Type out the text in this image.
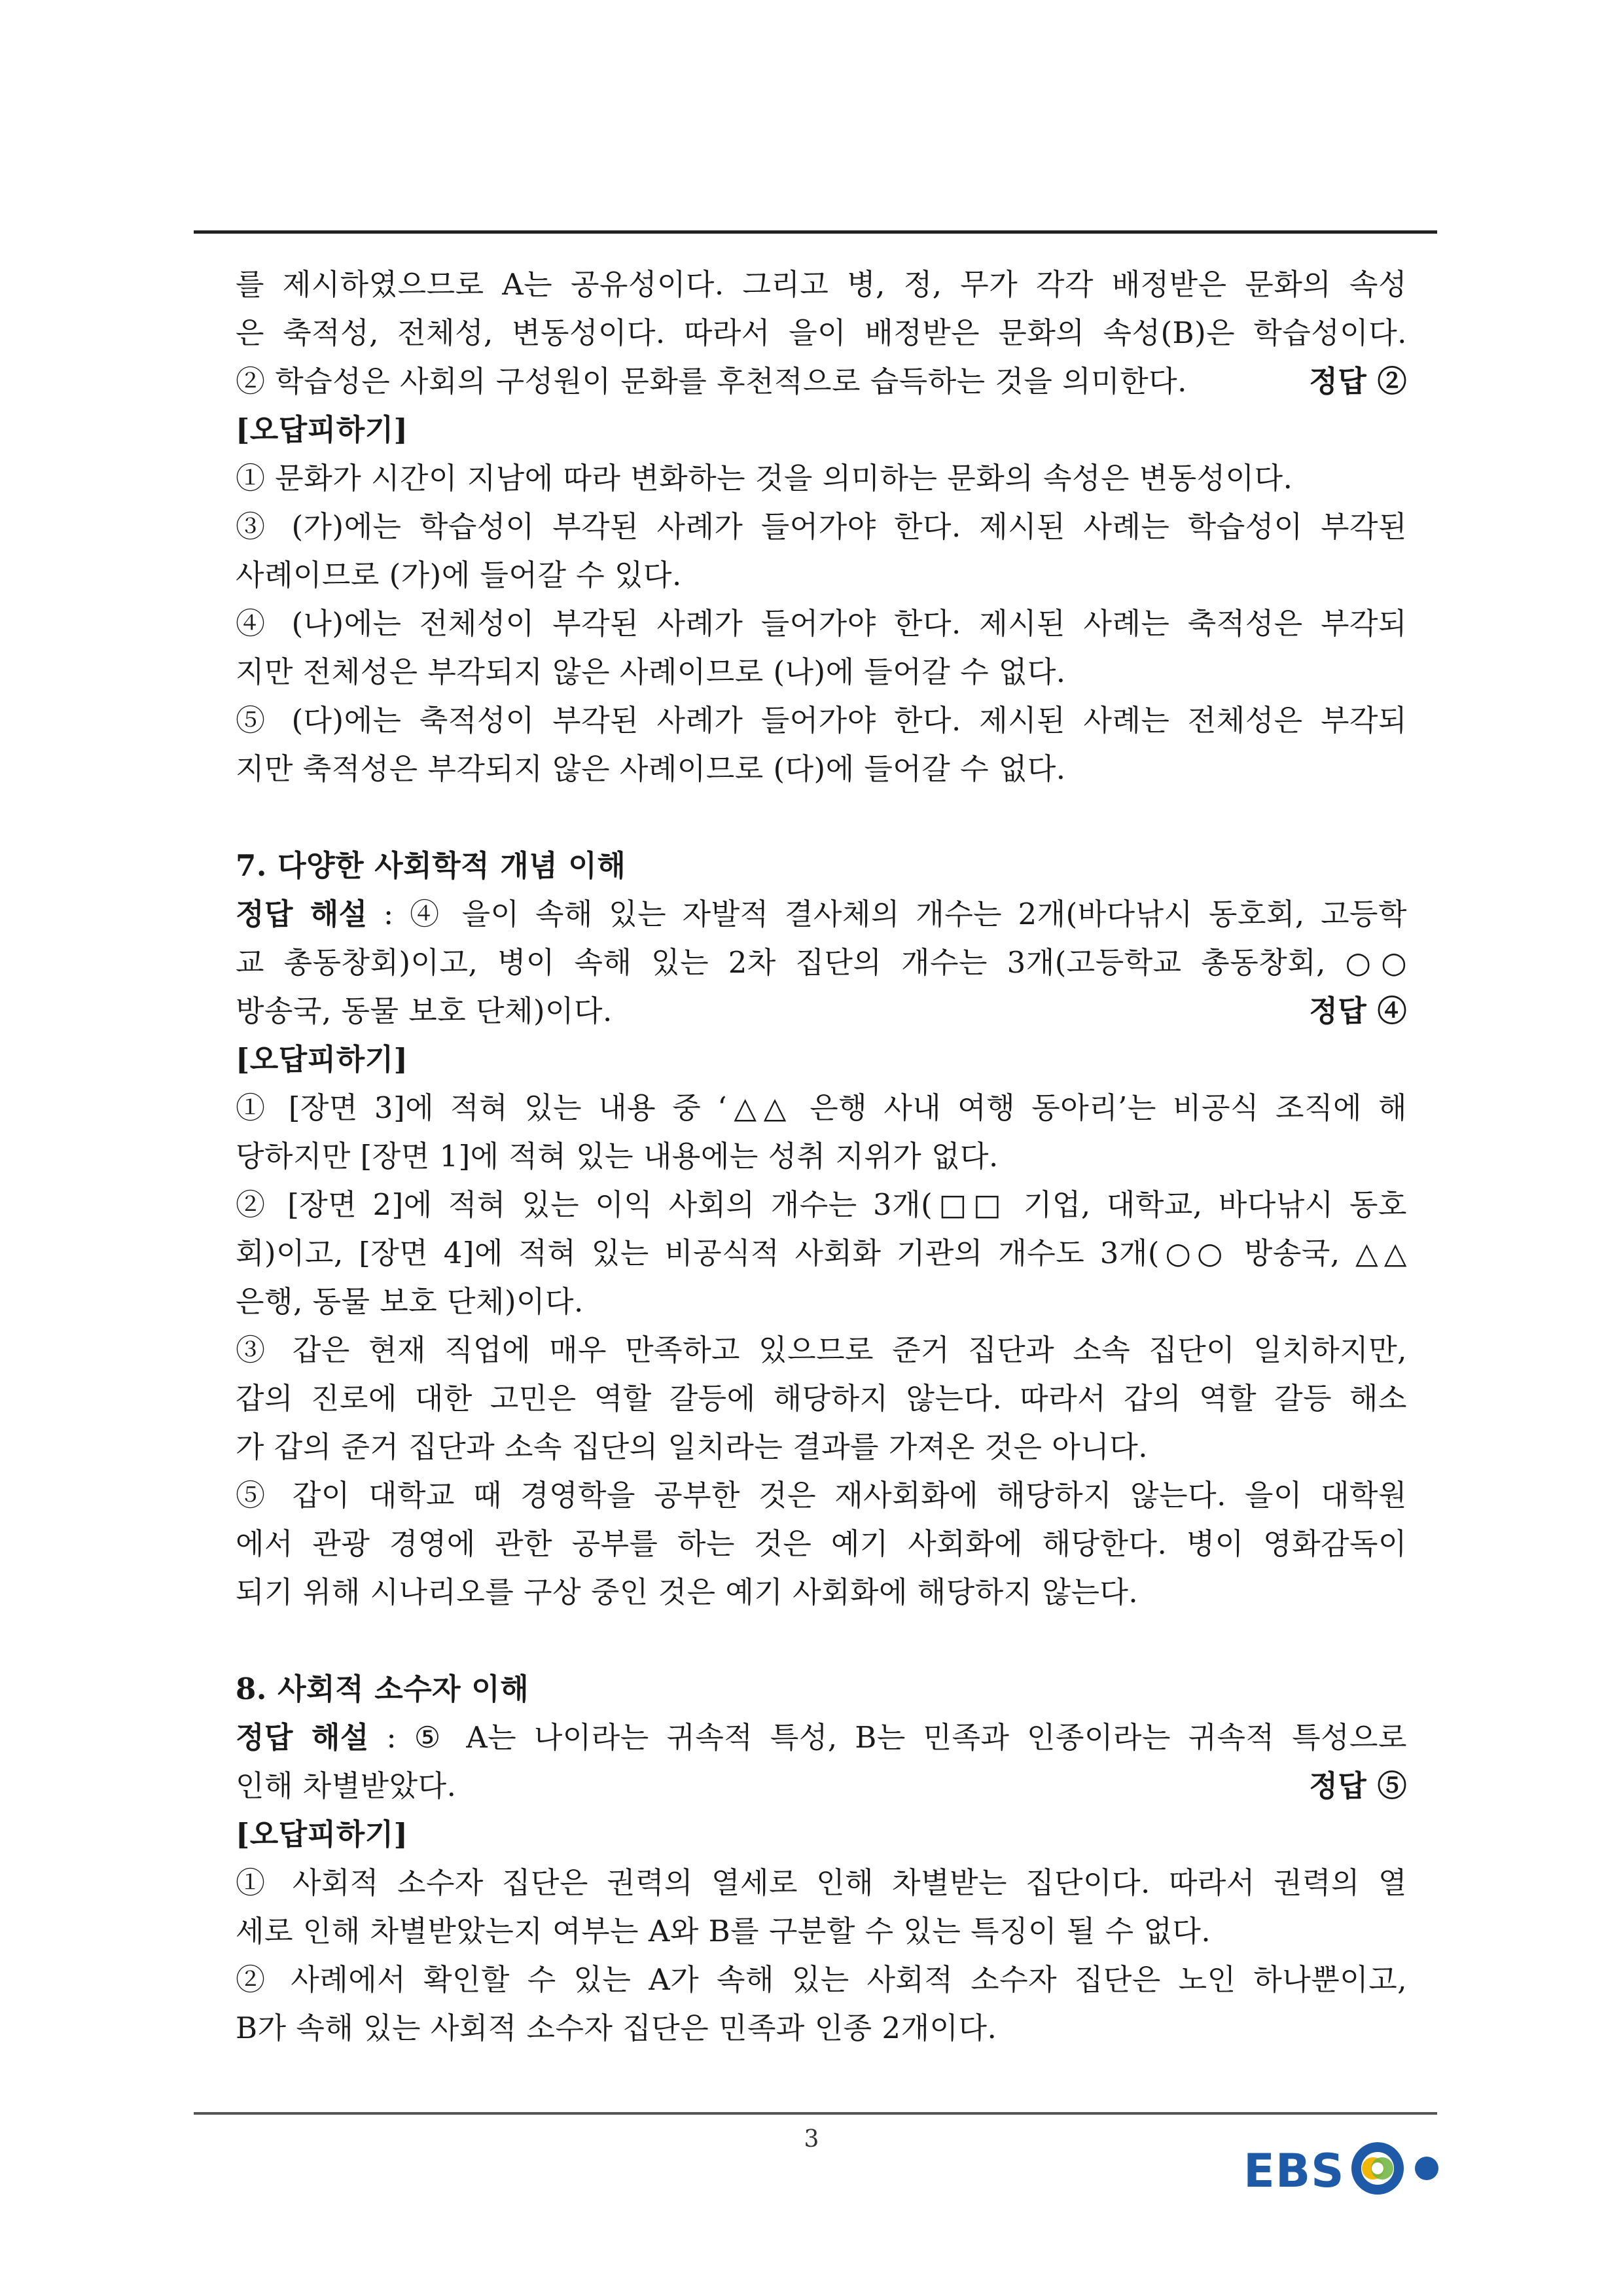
를 제시하였으므로 A는 공유성이다. 그리고 병, 정, 무가 각각 배정받은 문화의 속성
은 축적성, 전체성, 변동성이다. 따라서 을이 배정받은 문화의 속성(B)은 학습성이다.
정답 ②
② 학습성은 사회의 구성원이 문화를 후천적으로 습득하는 것을 의미한다.
[오답피하기]
① 문화가 시간이 지남에 따라 변화하는 것을 의미하는 문화의 속성은 변동성이다.
③ (가)에는 학습성이 부각된 사례가 들어가야 한다. 제시된 사례는 학습성이 부각된
사례이므로 (가)에 들어갈 수 있다.
④ (나)에는 전체성이 부각된 사례가 들어가야 한다. 제시된 사례는 축적성은 부각되
지만 전체성은 부각되지 않은 사례이므로 (나)에 들어갈 수 없다.
⑤ (다)에는 축적성이 부각된 사례가 들어가야 한다. 제시된 사례는 전체성은 부각되
지만 축적성은 부각되지 않은 사례이므로 (다)에 들어갈 수 없다.
7. 다양한 사회학적 개념 이해
정답 해설 : ④ 을이 속해 있는 자발적 결사체의 개수는 2개(바다낚시 동호회, 고등학
교 총동창회)이고, 병이 속해 있는 2차 집단의 개수는 3개(고등학교 총동창회, ○○
정답 ④
방송국, 동물 보호 단체)이다.
[오답피하기]
① [장면 3]에 적혀 있는 내용 중 ‘△△ 은행 사내 여행 동아리’는 비공식 조직에 해
당하지만 [장면 1]에 적혀 있는 내용에는 성취 지위가 없다.
② [장면 2]에 적혀 있는 이익 사회의 개수는 3개(□□ 기업, 대학교, 바다낚시 동호
회)이고, [장면 4]에 적혀 있는 비공식적 사회화 기관의 개수도 3개(○○ 방송국, △△
은행, 동물 보호 단체)이다.
③ 갑은 현재 직업에 매우 만족하고 있으므로 준거 집단과 소속 집단이 일치하지만,
갑의 진로에 대한 고민은 역할 갈등에 해당하지 않는다. 따라서 갑의 역할 갈등 해소
가 갑의 준거 집단과 소속 집단의 일치라는 결과를 가져온 것은 아니다.
⑤ 갑이 대학교 때 경영학을 공부한 것은 재사회화에 해당하지 않는다. 을이 대학원
에서 관광 경영에 관한 공부를 하는 것은 예기 사회화에 해당한다. 병이 영화감독이
되기 위해 시나리오를 구상 중인 것은 예기 사회화에 해당하지 않는다.
8. 사회적 소수자 이해
정답 해설 : ⑤ A는 나이라는 귀속적 특성, B는 민족과 인종이라는 귀속적 특성으로
정답 ⑤
인해 차별받았다.
[오답피하기]
① 사회적 소수자 집단은 권력의 열세로 인해 차별받는 집단이다. 따라서 권력의 열
세로 인해 차별받았는지 여부는 A와 B를 구분할 수 있는 특징이 될 수 없다.
② 사례에서 확인할 수 있는 A가 속해 있는 사회적 소수자 집단은 노인 하나뿐이고,
B가 속해 있는 사회적 소수자 집단은 민족과 인종 2개이다.
3
EBS
